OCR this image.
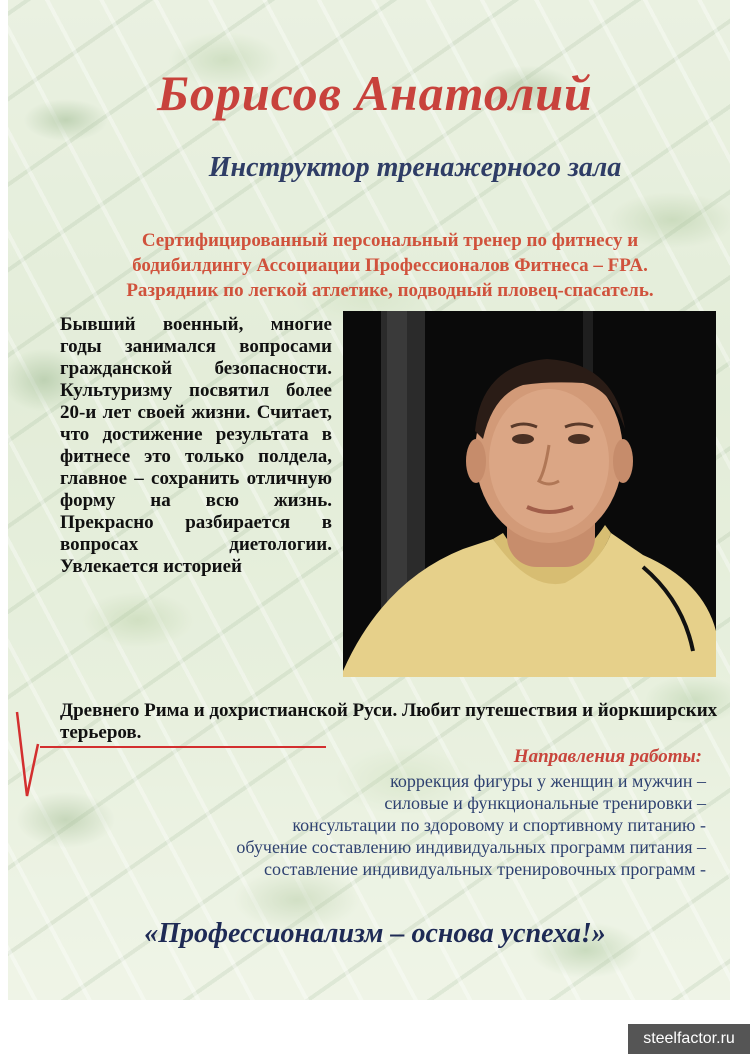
Борисов Анатолий
Инструктор тренажерного зала
Сертифицированный персональный тренер по фитнесу и
бодибилдингу Ассоциации Профессионалов Фитнеса – FPA.
Разрядник по легкой атлетике, подводный пловец-спасатель.

Бывший военный, многие годы занимался вопросами гражданской безопасности. Культуризму посвятил более 20-и лет своей жизни. Считает, что достижение результата в фитнесе это только полдела, главное – сохранить отличную форму на всю жизнь. Прекрасно разбирается в вопросах диетологии. Увлекается историей

Древнего Рима и дохристианской Руси. Любит путешествия и йоркширских терьеров.

Направления работы:
коррекция фигуры у женщин и мужчин –
силовые и функциональные тренировки –
консультации по здоровому и спортивному питанию -
обучение составлению индивидуальных программ питания –
составление индивидуальных тренировочных программ -
«Профессионализм – основа успеха!»
steelfactor.ru
